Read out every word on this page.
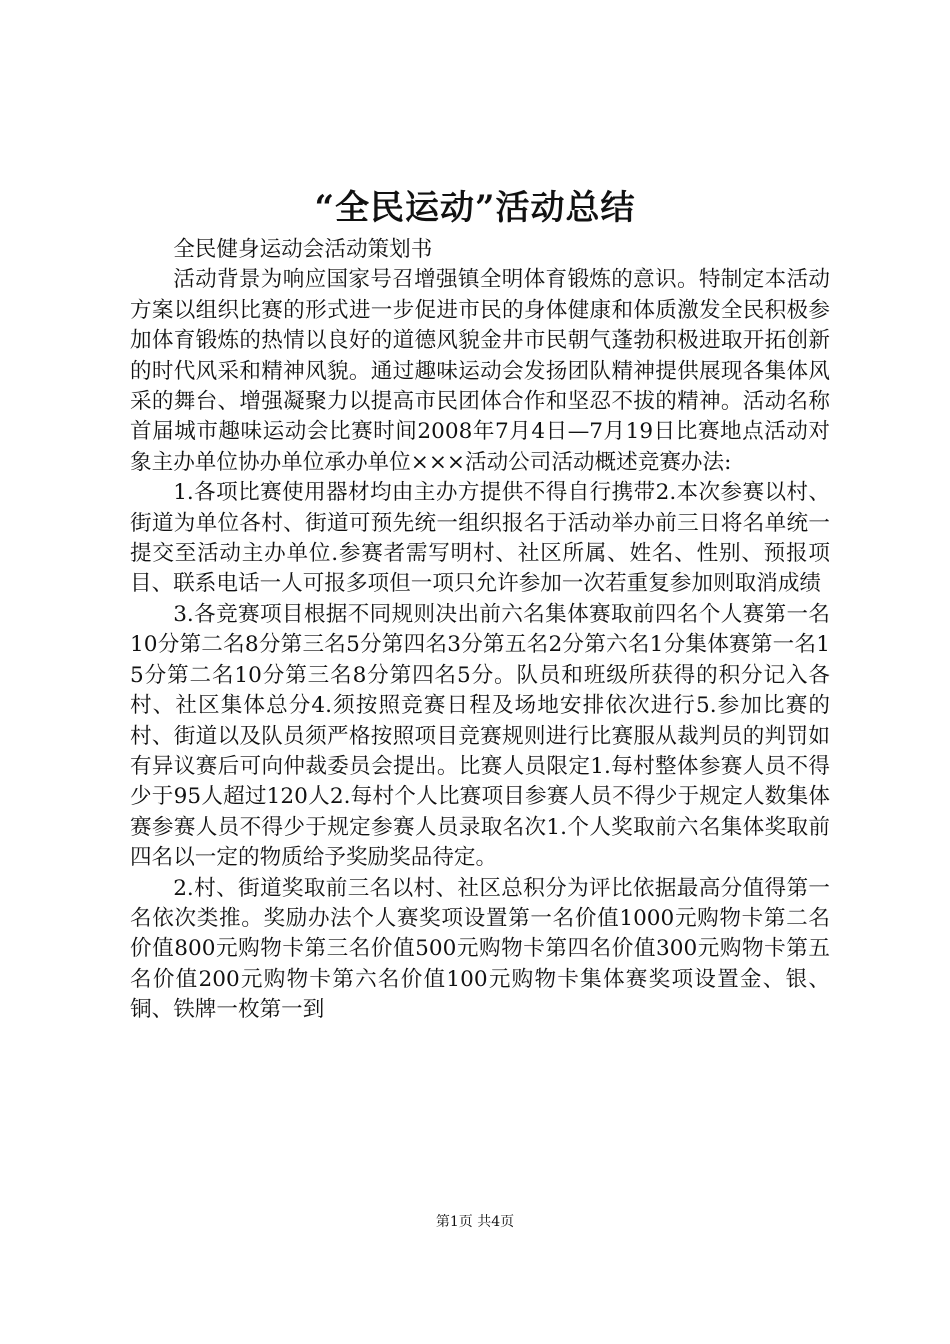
“全民运动”活动总结

全民健身运动会活动策划书

活动背景为响应国家号召增强镇全明体育锻炼的意识。特制定本活动方案以组织比赛的形式进一步促进市民的身体健康和体质激发全民积极参加体育锻炼的热情以良好的道德风貌金井市民朝气蓬勃积极进取开拓创新的时代风采和精神风貌。通过趣味运动会发扬团队精神提供展现各集体风采的舞台、增强凝聚力以提高市民团体合作和坚忍不拔的精神。活动名称首届城市趣味运动会比赛时间2008年7月4日—7月19日比赛地点活动对象主办单位协办单位承办单位×××活动公司活动概述竞赛办法:

1.各项比赛使用器材均由主办方提供不得自行携带2.本次参赛以村、街道为单位各村、街道可预先统一组织报名于活动举办前三日将名单统一提交至活动主办单位.参赛者需写明村、社区所属、姓名、性别、预报项目、联系电话一人可报多项但一项只允许参加一次若重复参加则取消成绩

3.各竞赛项目根据不同规则决出前六名集体赛取前四名个人赛第一名10分第二名8分第三名5分第四名3分第五名2分第六名1分集体赛第一名15分第二名10分第三名8分第四名5分。队员和班级所获得的积分记入各村、社区集体总分4.须按照竞赛日程及场地安排依次进行5.参加比赛的村、街道以及队员须严格按照项目竞赛规则进行比赛服从裁判员的判罚如有异议赛后可向仲裁委员会提出。比赛人员限定1.每村整体参赛人员不得少于95人超过120人2.每村个人比赛项目参赛人员不得少于规定人数集体赛参赛人员不得少于规定参赛人员录取名次1.个人奖取前六名集体奖取前四名以一定的物质给予奖励奖品待定。

2.村、街道奖取前三名以村、社区总积分为评比依据最高分值得第一名依次类推。奖励办法个人赛奖项设置第一名价值1000元购物卡第二名价值800元购物卡第三名价值500元购物卡第四名价值300元购物卡第五名价值200元购物卡第六名价值100元购物卡集体赛奖项设置金、银、铜、铁牌一枚第一到

第1页 共4页
